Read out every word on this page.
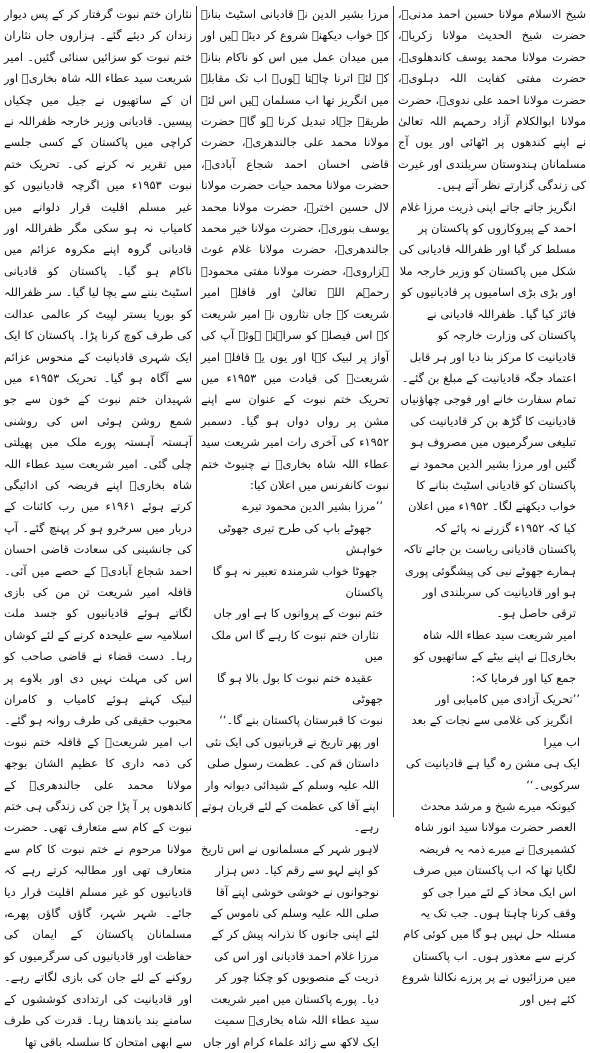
شیخ الاسلام مولانا حسین احمد مدنیؒ، حضرت شیخ الحدیث مولانا زکریاؒ، حضرت مولانا محمد یوسف کاندھلویؒ، حضرت مفتی کفایت اللہ دہلویؒ، حضرت مولانا احمد علی ندویؒ، حضرت مولانا ابوالکلام آزاد رحمہم اللہ تعالیٰ نے اپنے کندھوں پر اٹھائی اور یوں آج مسلمانان ہندوستان سربلندی اور غیرت کی زندگی گزارتے نظر آتے ہیں۔

انگریز جاتے جاتے اپنی ذریت مرزا غلام احمد کے پیروکاروں کو پاکستان پر مسلط کر گیا اور ظفراللہ قادیانی کی شکل میں پاکستان کو وزیر خارجہ ملا اور بڑی بڑی اسامیوں پر قادیانیوں کو فائز کیا گیا۔ ظفراللہ قادیانی نے پاکستان کی وزارت خارجہ کو قادیانیت کا مرکز بنا دیا اور ہر قابل اعتماد جگہ قادیانیت کے مبلغ بن گئے۔ تمام سفارت خانے اور فوجی چھاؤنیاں قادیانیت کا گڑھ بن کر قادیانیت کی تبلیغی سرگرمیوں میں مصروف ہو گئیں اور مرزا بشیر الدین محمود نے پاکستان کو قادیانی اسٹیٹ بنانے کا خواب دیکھنے لگا۔ ۱۹۵۲ء میں اعلان کیا کہ ۱۹۵۲ء گزرنے نہ پائے کہ پاکستان قادیانی ریاست بن جائے تاکہ ہمارے جھوٹے نبی کی پیشگوئی پوری ہو اور قادیانیت کی سربلندی اور ترقی حاصل ہو۔

امیر شریعت سید عطاء اللہ شاہ بخاریؒ نے اپنے بیٹے کے ساتھیوں کو جمع کیا اور فرمایا کہ:

’’تحریک آزادی میں کامیابی اور
انگریز کی غلامی سے نجات کے بعد اب میرا
ایک ہی مشن رہ گیا ہے قادیانیت کی
سرکوبی۔‘‘

کیونکہ میرے شیخ و مرشد محدث العصر حضرت مولانا سید انور شاہ کشمیریؒ نے میرے ذمہ یہ فریضہ لگایا تھا کہ اب پاکستان میں صرف اس ایک محاذ کے لئے میرا جی کو وقف کرنا چاہتا ہوں۔ جب تک یہ مسئلہ حل نہیں ہو گا میں کوئی کام کرنے سے معذور ہوں۔ اب پاکستان میں مرزائیوں نے پر پرزے نکالنا شروع کئے ہیں اور

مرزا بشیر الدین نے قادیانی اسٹیٹ بنانے کے خواب دیکھنے شروع کر دیئے ہیں اور میں میدان عمل میں اس کو ناکام بنانے کے لئے اترنا چاہتا ہوں۔ اب تک مقابلے میں انگریز تھا اب مسلمان ہیں اس لئے طریقہ جہاد تبدیل کرنا ہو گا۔ حضرت مولانا محمد علی جالندھریؒ، حضرت قاضی احسان احمد شجاع آبادیؒ، حضرت مولانا محمد حیات حضرت مولانا لال حسین اخترؒ، حضرت مولانا محمد یوسف بنوریؒ، حضرت مولانا خیر محمد جالندھریؒ، حضرت مولانا غلام غوث ہزارویؒ، حضرت مولانا مفتی محمودؒ رحمہم اللہ تعالیٰ اور قافلہ امیر شریعت کے جاں نثاروں نے امیر شریعت کے اس فیصلے کو سراہتے ہوئے آپ کی آواز پر لبیک کہا اور یوں یہ قافلہ امیر شریعتؒ کی قیادت میں ۱۹۵۳ء میں تحریک ختم نبوت کے عنوان سے اپنے مشن پر رواں دواں ہو گیا۔ دسمبر ۱۹۵۲ء کی آخری رات امیر شریعت سید عطاء اللہ شاہ بخاریؒ نے چنیوٹ ختم نبوت کانفرنس میں اعلان کیا:

’’مرزا بشیر الدین محمود تیرے
جھوٹے باپ کی طرح تیری جھوٹی خواہش
جھوٹا خواب شرمندہ تعبیر نہ ہو گا پاکستان
ختم نبوت کے پروانوں کا ہے اور جاں
نثاران ختم نبوت کا رہے گا اس ملک میں
عقیدہ ختم نبوت کا بول بالا ہو گا جھوٹی
نبوت کا قبرستان پاکستان بنے گا۔‘‘

اور پھر تاریخ نے قربانیوں کی ایک نئی داستان قم کی۔ عظمت رسول صلی اللہ علیہ وسلم کے شیدائی دیوانہ وار اپنے آقا کی عظمت کے لئے قربان ہوتے رہے۔

لاہور شہر کے مسلمانوں نے اس تاریخ کو اپنے لہو سے رقم کیا۔ دس ہزار نوجوانوں نے خوشی خوشی اپنے آقا صلی اللہ علیہ وسلم کی ناموس کے لئے اپنی جانوں کا نذرانہ پیش کر کے مرزا غلام احمد قادیانی اور اس کی ذریت کے منصوبوں کو چکنا چور کر دیا۔ پورے پاکستان میں امیر شریعت سید عطاء اللہ شاہ بخاریؒ سمیت ایک لاکھ سے زائد علماء کرام اور جاں

نثاران ختم نبوت گرفتار کر کے پس دیوار زندان کر دیئے گئے۔ ہزاروں جاں نثاران ختم نبوت کو سزائیں سنائی گئیں۔ امیر شریعت سید عطاء اللہ شاہ بخاریؒ اور ان کے ساتھیوں نے جیل میں چکیاں پیسیں۔ قادیانی وزیر خارجہ ظفراللہ نے کراچی میں پاکستان کے کسی جلسے میں تقریر نہ کرنے کی۔ تحریک ختم نبوت ۱۹۵۳ء میں اگرچہ قادیانیوں کو غیر مسلم اقلیت قرار دلوانے میں کامیاب نہ ہو سکی مگر ظفراللہ اور قادیانی گروہ اپنے مکروہ عزائم میں ناکام ہو گیا۔ پاکستان کو قادیانی اسٹیٹ بننے سے بچا لیا گیا۔ سر ظفراللہ کو بوریا بستر لپیٹ کر عالمی عدالت کی طرف کوچ کرنا پڑا۔ پاکستان کا ایک ایک شہری قادیانیت کے منحوس عزائم سے آگاہ ہو گیا۔ تحریک ۱۹۵۳ء میں شہیدان ختم نبوت کے خون سے جو شمع روشن ہوئی اس کی روشنی آہستہ آہستہ پورے ملک میں پھیلتی چلی گئی۔ امیر شریعت سید عطاء اللہ شاہ بخاریؒ اپنے فریضہ کی ادائیگی کرتے ہوئے ۱۹۶۱ء میں رب کائنات کے دربار میں سرخرو ہو کر پہنچ گئے۔ آپ کی جانشینی کی سعادت قاضی احسان احمد شجاع آبادیؒ کے حصے میں آئی۔ قافلہ امیر شریعت تن من کی بازی لگاتے ہوئے قادیانیوں کو جسد ملت اسلامیہ سے علیحدہ کرنے کے لئے کوشاں رہا۔ دست قضاء نے قاضی صاحب کو اس کی مہلت نہیں دی اور بلاوے پر لبیک کہتے ہوئے کامیاب و کامران محبوب حقیقی کی طرف روانہ ہو گئے۔ اب امیر شریعتؒ کے قافلہ ختم نبوت کی ذمہ داری کا عظیم الشان بوجھ مولانا محمد علی جالندھریؒ کے کاندھوں پر آ پڑا جن کی زندگی ہی ختم نبوت کے کام سے متعارف تھی۔ حضرت مولانا مرحوم نے ختم نبوت کا کام سے متعارف تھی اور مطالبہ کرتے رہے کہ قادیانیوں کو غیر مسلم اقلیت قرار دیا جائے۔ شہر شہر، گاؤں گاؤں پھرے، مسلمانان پاکستان کے ایمان کی حفاظت اور قادیانیوں کی سرگرمیوں کو روکنے کے لئے جان کی بازی لگاتے رہے۔ اور قادیانیت کی ارتدادی کوششوں کے سامنے بند باندھتا رہا۔ قدرت کی طرف سے ابھی امتحان کا سلسلہ باقی تھا
